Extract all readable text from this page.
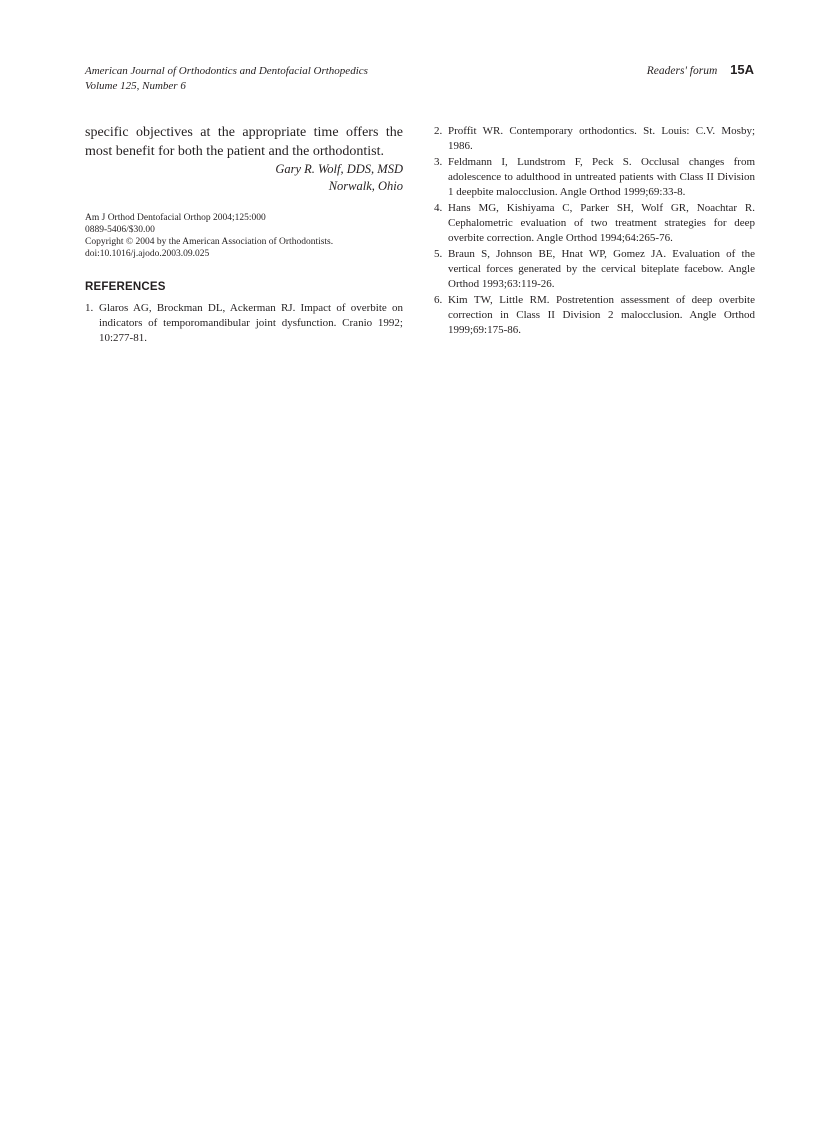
American Journal of Orthodontics and Dentofacial Orthopedics
Volume 125, Number 6
Readers' forum 15A

specific objectives at the appropriate time offers the most benefit for both the patient and the orthodontist.

Gary R. Wolf, DDS, MSD
Norwalk, Ohio
Am J Orthod Dentofacial Orthop 2004;125:000
0889-5406/$30.00
Copyright © 2004 by the American Association of Orthodontists.
doi:10.1016/j.ajodo.2003.09.025
REFERENCES
1. Glaros AG, Brockman DL, Ackerman RJ. Impact of overbite on indicators of temporomandibular joint dysfunction. Cranio 1992; 10:277-81.
2. Proffit WR. Contemporary orthodontics. St. Louis: C.V. Mosby; 1986.
3. Feldmann I, Lundstrom F, Peck S. Occlusal changes from adolescence to adulthood in untreated patients with Class II Division 1 deepbite malocclusion. Angle Orthod 1999;69:33-8.
4. Hans MG, Kishiyama C, Parker SH, Wolf GR, Noachtar R. Cephalometric evaluation of two treatment strategies for deep overbite correction. Angle Orthod 1994;64:265-76.
5. Braun S, Johnson BE, Hnat WP, Gomez JA. Evaluation of the vertical forces generated by the cervical biteplate facebow. Angle Orthod 1993;63:119-26.
6. Kim TW, Little RM. Postretention assessment of deep overbite correction in Class II Division 2 malocclusion. Angle Orthod 1999;69:175-86.
